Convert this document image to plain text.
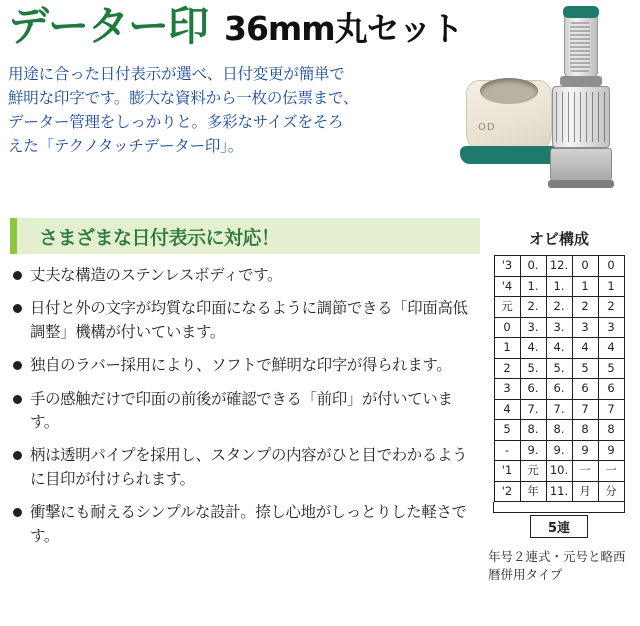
データー印 36mm丸セット
用途に合った日付表示が選べ、日付変更が簡単で
鮮明な印字です。膨大な資料から一枚の伝票まで、
データー管理をしっかりと。多彩なサイズをそろ
えた「テクノタッチデーター印」。
OD
さまざまな日付表示に対応！
丈夫な構造のステンレスボディです。
日付と外の文字が均質な印面になるように調節できる「印面高低調整」機構が付いています。
独自のラバー採用により、ソフトで鮮明な印字が得られます。
手の感触だけで印面の前後が確認できる「前印」が付いています。
柄は透明パイプを採用し、スタンプの内容がひと目でわかるように目印が付けられます。
衝撃にも耐えるシンプルな設計。捺し心地がしっとりした軽さです。
オビ構成
'3	0.	12.	0	0
'4	1.	1.	1	1
元	2.	2.	2	2
0	3.	3.	3	3
1	4.	4.	4	4
2	5.	5.	5	5
3	6.	6.	6	6
4	7.	7.	7	7
5	8.	8.	8	8
-	9.	9.	9	9
'1	元	10.	一	一
'2	年	11.	月	分
5連
年号２連式・元号と略西暦併用タイプ
